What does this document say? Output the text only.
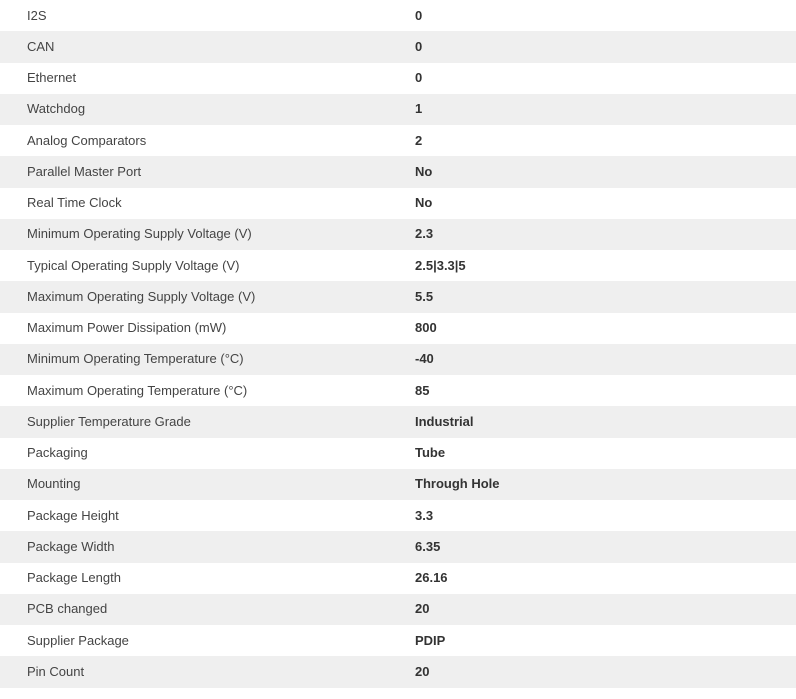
I2S	0
CAN	0
Ethernet	0
Watchdog	1
Analog Comparators	2
Parallel Master Port	No
Real Time Clock	No
Minimum Operating Supply Voltage (V)	2.3
Typical Operating Supply Voltage (V)	2.5|3.3|5
Maximum Operating Supply Voltage (V)	5.5
Maximum Power Dissipation (mW)	800
Minimum Operating Temperature (°C)	-40
Maximum Operating Temperature (°C)	85
Supplier Temperature Grade	Industrial
Packaging	Tube
Mounting	Through Hole
Package Height	3.3
Package Width	6.35
Package Length	26.16
PCB changed	20
Supplier Package	PDIP
Pin Count	20
